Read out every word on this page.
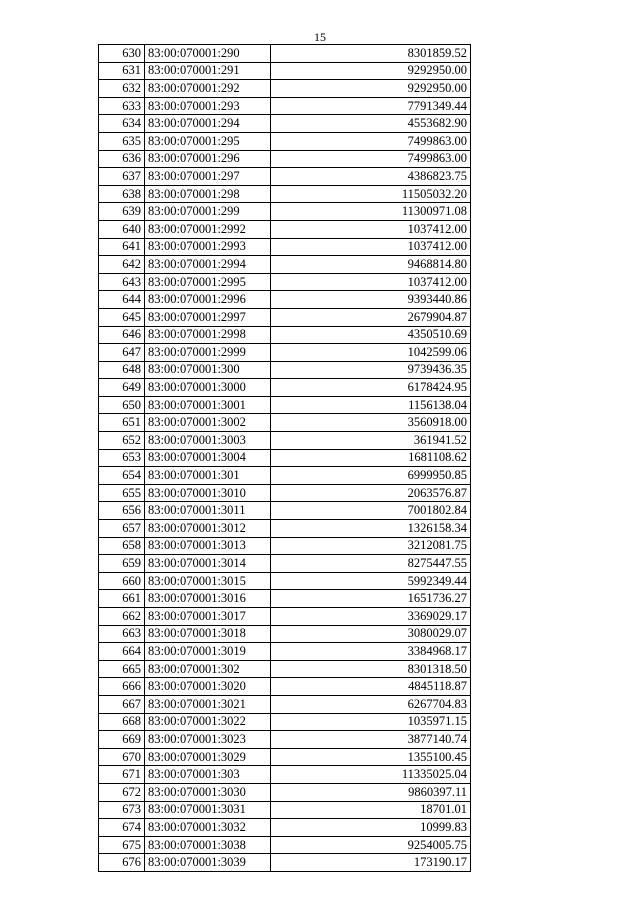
15
630	83:00:070001:290	8301859.52
631	83:00:070001:291	9292950.00
632	83:00:070001:292	9292950.00
633	83:00:070001:293	7791349.44
634	83:00:070001:294	4553682.90
635	83:00:070001:295	7499863.00
636	83:00:070001:296	7499863.00
637	83:00:070001:297	4386823.75
638	83:00:070001:298	11505032.20
639	83:00:070001:299	11300971.08
640	83:00:070001:2992	1037412.00
641	83:00:070001:2993	1037412.00
642	83:00:070001:2994	9468814.80
643	83:00:070001:2995	1037412.00
644	83:00:070001:2996	9393440.86
645	83:00:070001:2997	2679904.87
646	83:00:070001:2998	4350510.69
647	83:00:070001:2999	1042599.06
648	83:00:070001:300	9739436.35
649	83:00:070001:3000	6178424.95
650	83:00:070001:3001	1156138.04
651	83:00:070001:3002	3560918.00
652	83:00:070001:3003	361941.52
653	83:00:070001:3004	1681108.62
654	83:00:070001:301	6999950.85
655	83:00:070001:3010	2063576.87
656	83:00:070001:3011	7001802.84
657	83:00:070001:3012	1326158.34
658	83:00:070001:3013	3212081.75
659	83:00:070001:3014	8275447.55
660	83:00:070001:3015	5992349.44
661	83:00:070001:3016	1651736.27
662	83:00:070001:3017	3369029.17
663	83:00:070001:3018	3080029.07
664	83:00:070001:3019	3384968.17
665	83:00:070001:302	8301318.50
666	83:00:070001:3020	4845118.87
667	83:00:070001:3021	6267704.83
668	83:00:070001:3022	1035971.15
669	83:00:070001:3023	3877140.74
670	83:00:070001:3029	1355100.45
671	83:00:070001:303	11335025.04
672	83:00:070001:3030	9860397.11
673	83:00:070001:3031	18701.01
674	83:00:070001:3032	10999.83
675	83:00:070001:3038	9254005.75
676	83:00:070001:3039	173190.17
